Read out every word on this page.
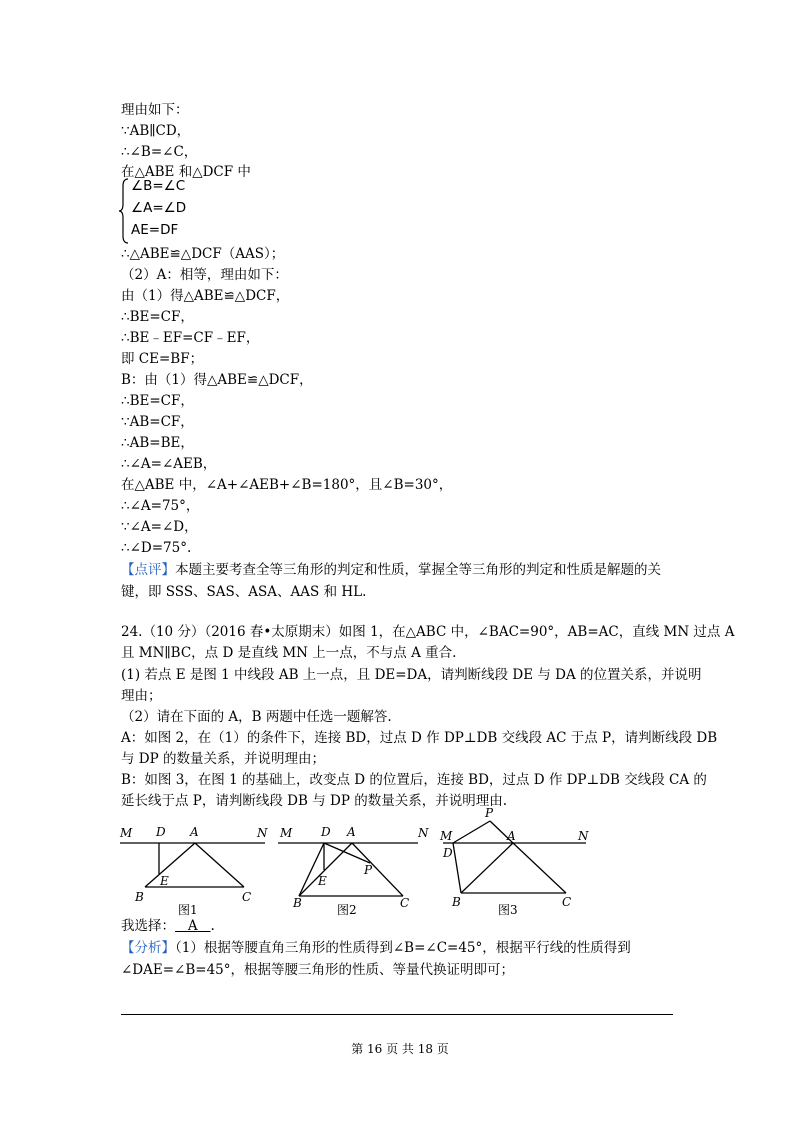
理由如下：
∵AB∥CD，
∴∠B=∠C，
在△ABE 和△DCF 中
∠B=∠C
∠A=∠D
AE=DF
∴△ABE≌△DCF（AAS）；
（2）A：相等，理由如下：
由（1）得△ABE≌△DCF，
∴BE=CF，
∴BE﹣EF=CF﹣EF，
即 CE=BF；
B：由（1）得△ABE≌△DCF，
∴BE=CF，
∵AB=CF，
∴AB=BE，
∴∠A=∠AEB，
在△ABE 中，∠A+∠AEB+∠B=180°，且∠B=30°，
∴∠A=75°，
∵∠A=∠D，
∴∠D=75°.
【点评】本题主要考查全等三角形的判定和性质，掌握全等三角形的判定和性质是解题的关
键，即 SSS、SAS、ASA、AAS 和 HL.
24.（10 分）（2016 春•太原期末）如图 1，在△ABC 中，∠BAC=90°，AB=AC，直线 MN 过点 A
且 MN∥BC，点 D 是直线 MN 上一点，不与点 A 重合.
(1) 若点 E 是图 1 中线段 AB 上一点，且 DE=DA，请判断线段 DE 与 DA 的位置关系，并说明
理由；
（2）请在下面的 A，B 两题中任选一题解答.
A：如图 2，在（1）的条件下，连接 BD，过点 D 作 DP⊥DB 交线段 AC 于点 P，请判断线段 DB
与 DP 的数量关系，并说明理由；
B：如图 3，在图 1 的基础上，改变点 D 的位置后，连接 BD，过点 D 作 DP⊥DB 交线段 CA 的
延长线于点 P，请判断线段 DB 与 DP 的数量关系，并说明理由.
M D A	N
E
B	C
M D A	N
E
P
B	C
P
M	A	N
D
B	C
图1	图2	图3
我选择： A .
【分析】（1）根据等腰直角三角形的性质得到∠B=∠C=45°，根据平行线的性质得到
∠DAE=∠B=45°，根据等腰三角形的性质、等量代换证明即可；
第 16 页 共 18 页
